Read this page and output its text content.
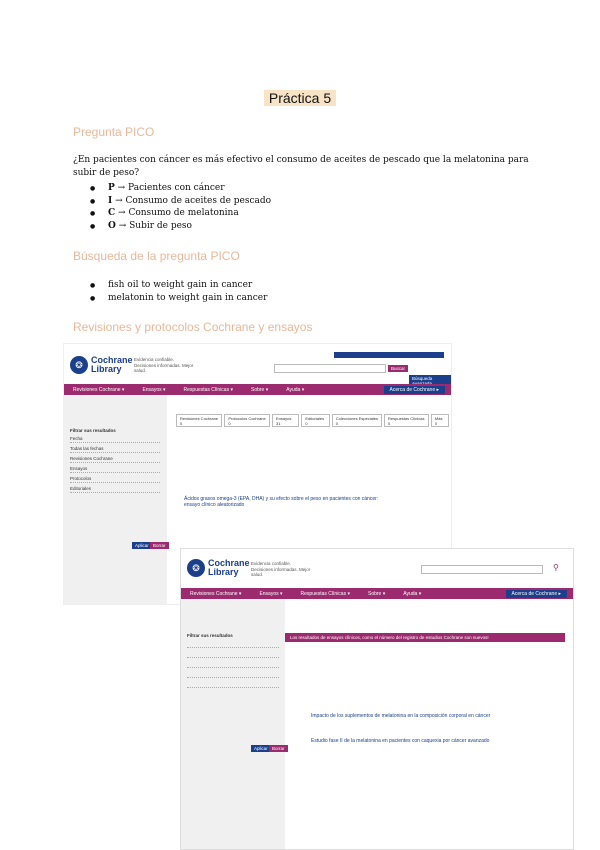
Práctica 5
Pregunta PICO
¿En pacientes con cáncer es más efectivo el consumo de aceites de pescado que la melatonina para subir de peso?
● P → Pacientes con cáncer
● I → Consumo de aceites de pescado
● C → Consumo de melatonina
● O → Subir de peso
Búsqueda de la pregunta PICO
● fish oil to weight gain in cancer
● melatonin to weight gain in cancer
Revisiones y protocolos Cochrane y ensayos
❂ Cochrane Library
Evidencia confiable. Decisiones informadas. Mejor salud.	Buscar
Búsqueda
Revisiones Cochrane ▾	Ensayos ▾	Respuestas Clínicas ▾	Sobre ▾	Ayuda ▾	Acerca de Cochrane ▸
Filtrar sus resultados
Fecha
Todas las fechas
Revisiones Cochrane
Ensayos
Protocolos
Editoriales
Aplicar Borrar
Revisiones Cochrane 0
Protocolos Cochrane 0
Ensayos 31
Editoriales 0
Colecciones Especiales 0
Respuestas Clínicas 0
Más 0
Ácidos grasos omega-3 (EPA, DHA) y su efecto sobre el peso en pacientes con cáncer: ensayo clínico aleatorizado
❂ Cochrane Library
Evidencia confiable. Decisiones informadas. Mejor salud.
⚲
Revisiones Cochrane ▾	Ensayos ▾	Respuestas Clínicas ▾	Sobre ▾	Ayuda ▾	Acerca de Cochrane ▸
Filtrar sus resultados
Aplicar Borrar
Los resultados de ensayos clínicos, como el número del registro de estudios Cochrane son nuevos!
Impacto de los suplementos de melatonina en la composición corporal en cáncer
Estudio fase II de la melatonina en pacientes con caquexia por cáncer avanzado
